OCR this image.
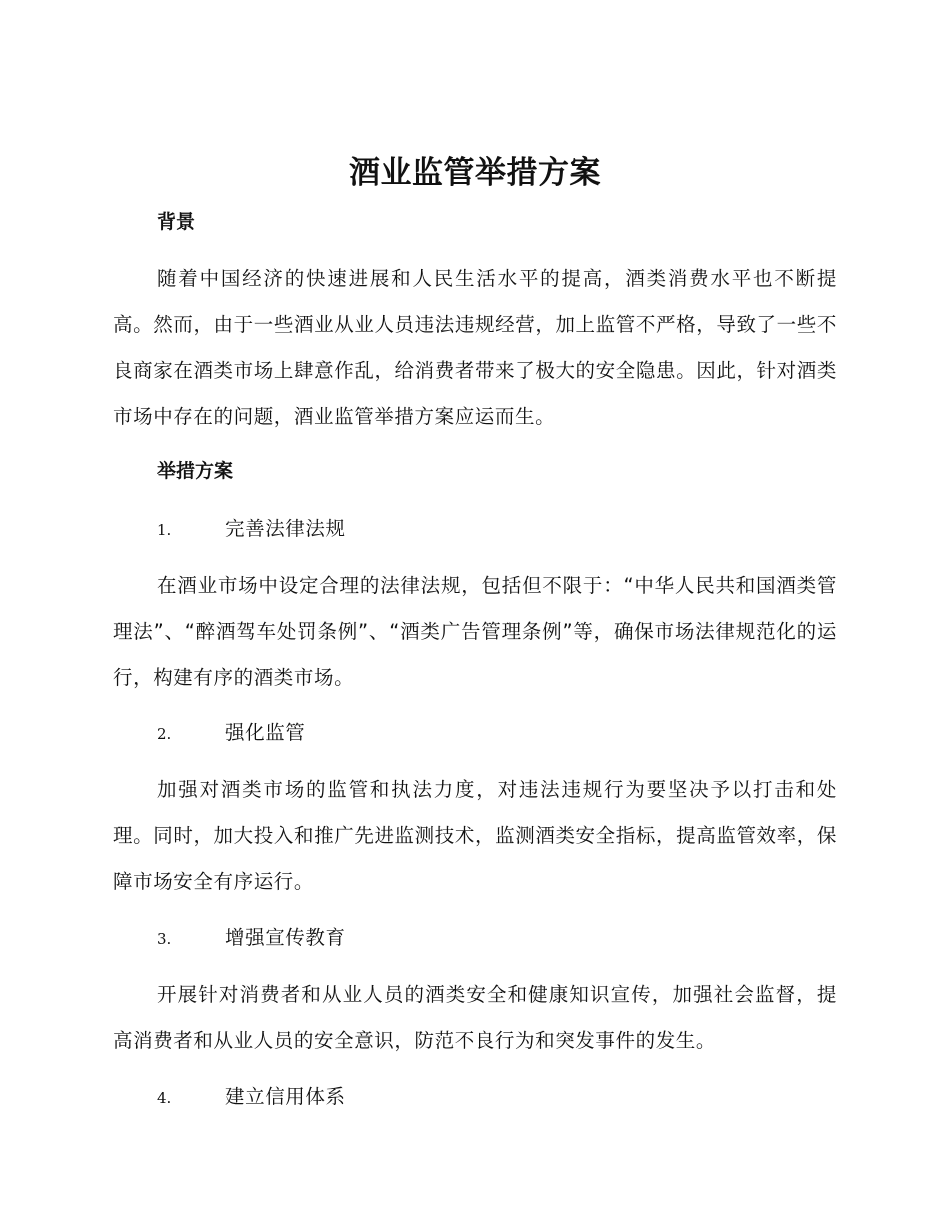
酒业监管举措方案
背景

随着中国经济的快速进展和人民生活水平的提高，酒类消费水平也不断提高。然而，由于一些酒业从业人员违法违规经营，加上监管不严格，导致了一些不良商家在酒类市场上肆意作乱，给消费者带来了极大的安全隐患。因此，针对酒类市场中存在的问题，酒业监管举措方案应运而生。

举措方案
1.	完善法律法规

在酒业市场中设定合理的法律法规，包括但不限于：“中华人民共和国酒类管理法”、“醉酒驾车处罚条例”、“酒类广告管理条例”等，确保市场法律规范化的运行，构建有序的酒类市场。

2.	强化监管

加强对酒类市场的监管和执法力度，对违法违规行为要坚决予以打击和处理。同时，加大投入和推广先进监测技术，监测酒类安全指标，提高监管效率，保障市场安全有序运行。

3.	增强宣传教育

开展针对消费者和从业人员的酒类安全和健康知识宣传，加强社会监督，提高消费者和从业人员的安全意识，防范不良行为和突发事件的发生。

4.	建立信用体系
